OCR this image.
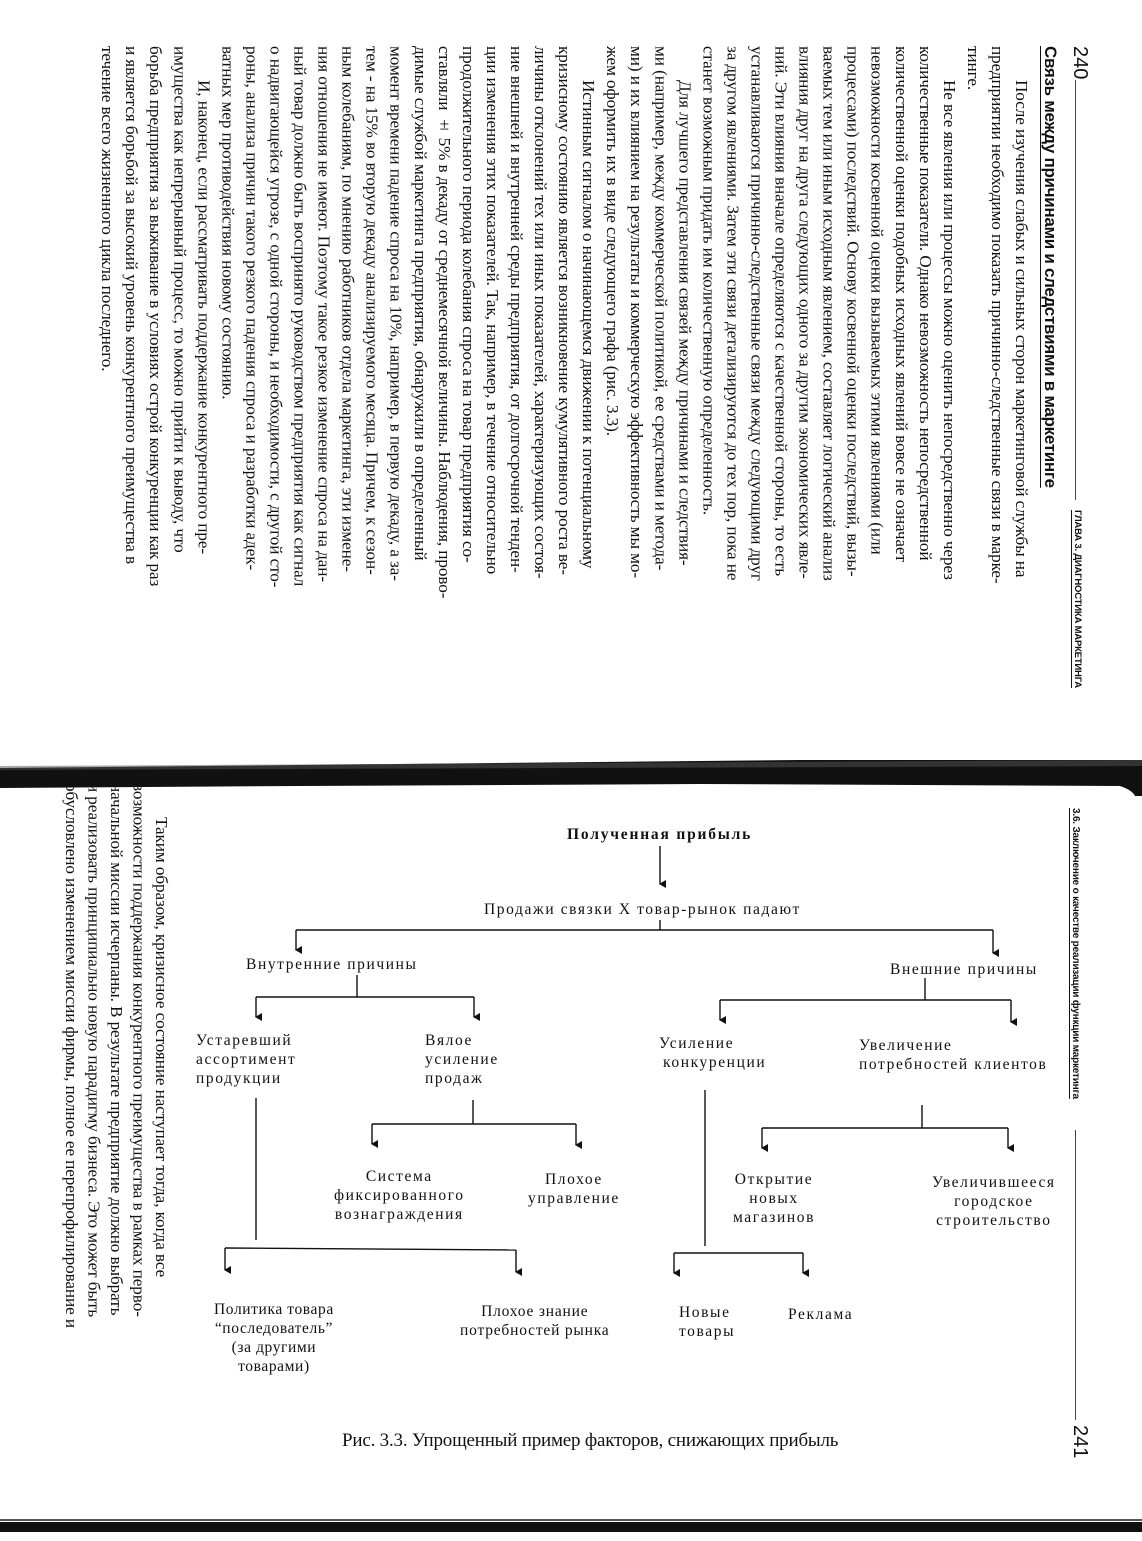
240
ГЛАВА 3. ДИАГНОСТИКА МАРКЕТИНГА
Связь между причинами и следствиями в маркетинге
После изучения слабых и сильных сторон маркетинговой службы на
предприятии необходимо показать причинно-следственные связи в марке-
тинге.
Не все явления или процессы можно оценить непосредственно через
количественные показатели. Однако невозможность непосредственной
количественной оценки подобных исходных явлений вовсе не означает
невозможности косвенной оценки вызываемых этими явлениями (или
процессами) последствий. Основу косвенной оценки последствий, вызы-
ваемых тем или иным исходным явлением, составляет логический анализ
влияния друг на друга следующих одного за другим экономических явле-
ний. Эти влияния вначале определяются с качественной стороны, то есть
устанавливаются причинно-следственные связи между следующими друг
за другом явлениями. Затем эти связи детализируются до тех пор, пока не
станет возможным придать им количественную определенность.
Для лучшего представления связей между причинами и следствия-
ми (например, между коммерческой политикой, ее средствами и метода-
ми) и их влиянием на результаты и коммерческую эффективность мы мо-
жем оформить их в виде следующего графа (рис. 3.3).
Истинным сигналом о начинающемся движении к потенциальному
кризисному состоянию является возникновение кумулятивного роста ве-
личины отклонений тех или иных показателей, характеризующих состоя-
ние внешней и внутренней среды предприятия, от долгосрочной тенден-
ции изменения этих показателей. Так, например, в течение относительно
продолжительного периода колебания спроса на товар предприятия со-
ставляли ± 5% в декаду от среднемесячной величины. Наблюдения, прово-
димые службой маркетинга предприятия, обнаружили в определенный
момент времени падение спроса на 10%, например, в первую декаду, а за-
тем - на 15% во вторую декаду анализируемого месяца. Причем, к сезон-
ным колебаниям, по мнению работников отдела маркетинга, эти измене-
ния отношения не имеют. Поэтому такое резкое изменение спроса на дан-
ный товар должно быть воспринято руководством предприятия как сигнал
о надвигающейся угрозе, с одной стороны, и необходимости, с другой сто-
роны, анализа причин такого резкого падения спроса и разработки адек-
ватных мер противодействия новому состоянию.
И, наконец, если рассматривать поддержание конкурентного пре-
имущества как непрерывный процесс, то можно прийти к выводу, что
борьба предприятия за выживание в условиях острой конкуренции как раз
и является борьбой за высокий уровень конкурентного преимущества в
течение всего жизненного цикла последнего.
3.6. Заключение о качестве реализации функции маркетинга
241
Полученная прибыль
Продажи связки X товар-рынок падают
Внутренние причины	Внешние причины
Устаревший
ассортимент
продукции
Вялое
усиление
продаж
Усиление
конкуренции
Увеличение
потребностей клиентов
Система
фиксированного
вознаграждения
Плохое
управление
Открытие
новых
магазинов
Увеличившееся
городское
строительство
Политика товара
“последователь”
(за другими
товарами)
Плохое знание
потребностей рынка
Новые
товары
Реклама
Рис. 3.3. Упрощенный пример факторов, снижающих прибыль
Таким образом, кризисное состояние наступает тогда, когда все
возможности поддержания конкурентного преимущества в рамках перво-
начальной миссии исчерпаны. В результате предприятие должно выбрать
и реализовать принципиально новую парадигму бизнеса. Это может быть
обусловлено изменением миссии фирмы, полное ее перепрофилирование и
